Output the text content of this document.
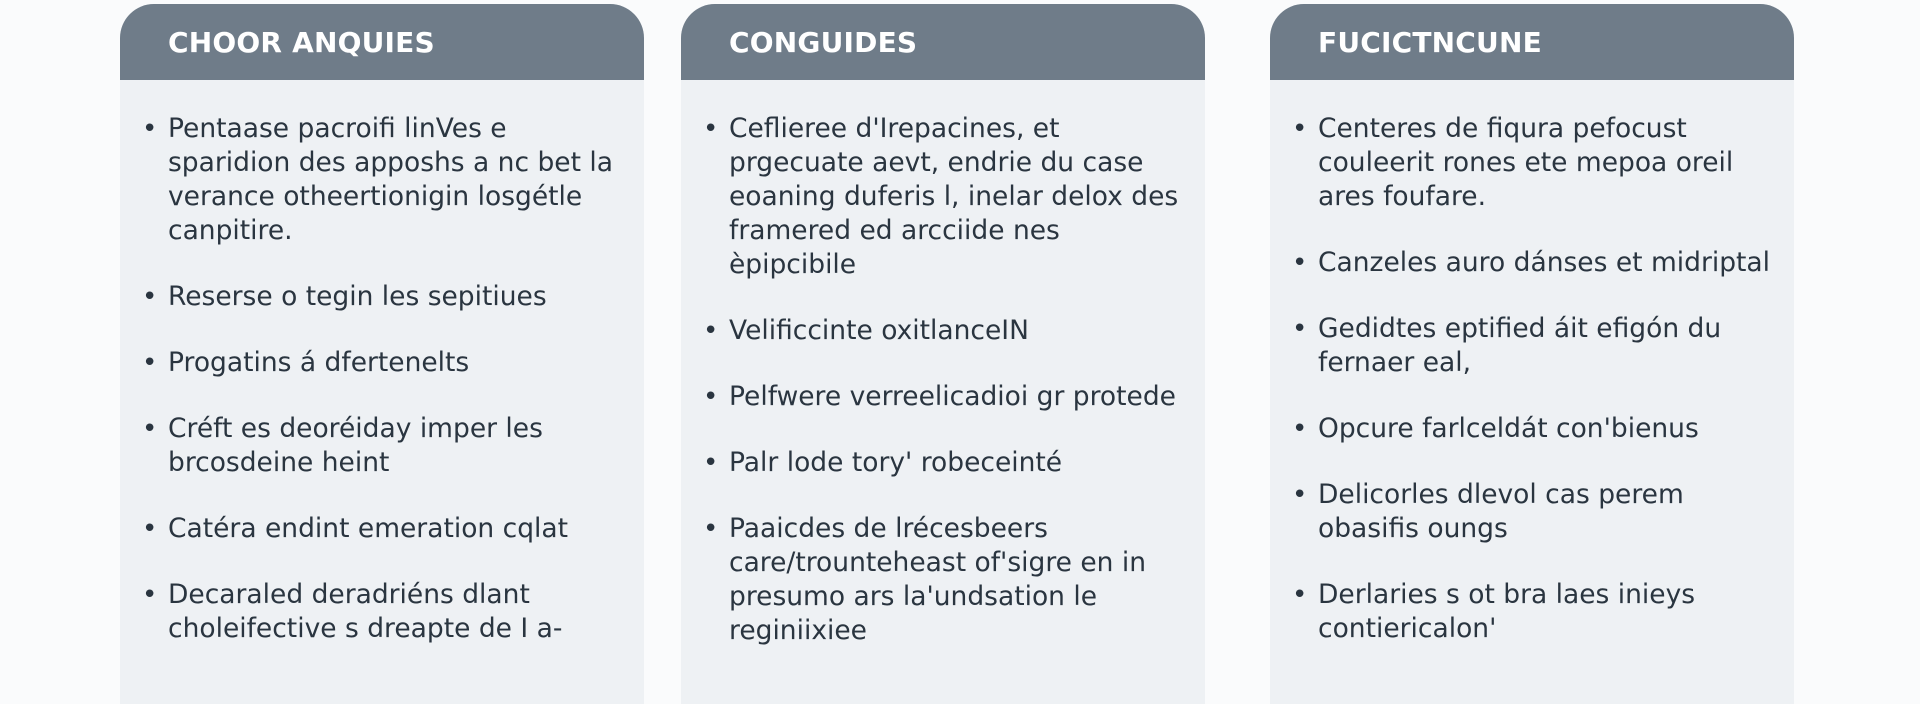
CHOOR ANQUIES
• Pentaase pacroifi linVes e sparidion des apposhs a nc bet la verance otheertionigin losgétle canpitire.
• Reserse o tegin les sepitiues
• Progatins á dfertenelts
• Créft es deoréiday imper les brcosdeine heint
• Catéra endint emeration cqlat
• Decaraled deradriéns dlant choleifective s dreapte de I a-
CONGUIDES
• Ceflieree d'Irepacines, et prgecuate aevt, endrie du case eoaning duferis l, inelar delox des framered ed arcciide nes èpipcibile
• Velificcinte oxitlanceIN
• Pelfwere verreelicadioi gr protede
• Palr lode tory' robeceinté
• Paaicdes de lrécesbeers care/trounteheast of'sigre en in presumo ars la'undsation le reginiixiee
FUCICTNCUNE
• Centeres de fiqura pefocust couleerit rones ete mepoa oreil ares foufare.
• Canzeles auro dánses et midriptal
• Gedidtes eptified áit efigón du fernaer eal,
• Opcure farlceldát con'bienus
• Delicorles dlevol cas perem obasifis oungs
• Derlaries s ot bra laes inieys contiericalon'
